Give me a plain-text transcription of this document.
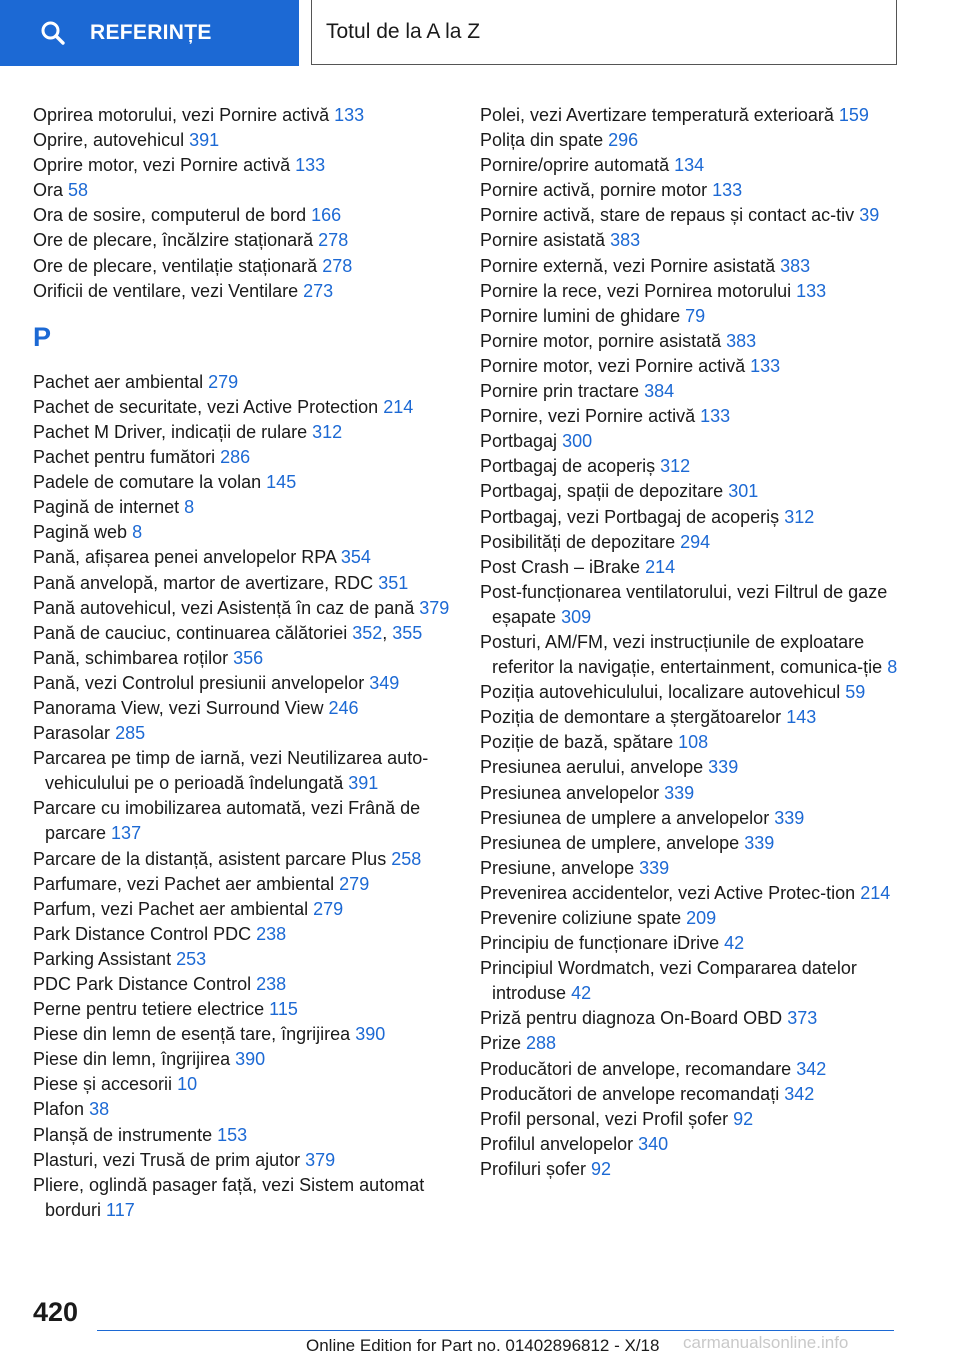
REFERINȚE	Totul de la A la Z
Oprirea motorului, vezi Pornire activă 133
Oprire, autovehicul 391
Oprire motor, vezi Pornire activă 133
Ora 58
Ora de sosire, computerul de bord 166
Ore de plecare, încălzire staționară 278
Ore de plecare, ventilație staționară 278
Orificii de ventilare, vezi Ventilare 273
P
Pachet aer ambiental 279
Pachet de securitate, vezi Active Protection 214
Pachet M Driver, indicații de rulare 312
Pachet pentru fumători 286
Padele de comutare la volan 145
Pagină de internet 8
Pagină web 8
Pană, afișarea penei anvelopelor RPA 354
Pană anvelopă, martor de avertizare, RDC 351
Pană autovehicul, vezi Asistență în caz de pană 379
Pană de cauciuc, continuarea călătoriei 352, 355
Pană, schimbarea roților 356
Pană, vezi Controlul presiunii anvelopelor 349
Panorama View, vezi Surround View 246
Parasolar 285
Parcarea pe timp de iarnă, vezi Neutilizarea auto-vehiculului pe o perioadă îndelungată 391
Parcare cu imobilizarea automată, vezi Frână de parcare 137
Parcare de la distanță, asistent parcare Plus 258
Parfumare, vezi Pachet aer ambiental 279
Parfum, vezi Pachet aer ambiental 279
Park Distance Control PDC 238
Parking Assistant 253
PDC Park Distance Control 238
Perne pentru tetiere electrice 115
Piese din lemn de esență tare, îngrijirea 390
Piese din lemn, îngrijirea 390
Piese și accesorii 10
Plafon 38
Planșă de instrumente 153
Plasturi, vezi Trusă de prim ajutor 379
Pliere, oglindă pasager față, vezi Sistem automat borduri 117
Polei, vezi Avertizare temperatură exterioară 159
Polița din spate 296
Pornire/oprire automată 134
Pornire activă, pornire motor 133
Pornire activă, stare de repaus și contact ac-tiv 39
Pornire asistată 383
Pornire externă, vezi Pornire asistată 383
Pornire la rece, vezi Pornirea motorului 133
Pornire lumini de ghidare 79
Pornire motor, pornire asistată 383
Pornire motor, vezi Pornire activă 133
Pornire prin tractare 384
Pornire, vezi Pornire activă 133
Portbagaj 300
Portbagaj de acoperiș 312
Portbagaj, spații de depozitare 301
Portbagaj, vezi Portbagaj de acoperiș 312
Posibilități de depozitare 294
Post Crash – iBrake 214
Post-funcționarea ventilatorului, vezi Filtrul de gaze eșapate 309
Posturi, AM/FM, vezi instrucțiunile de exploatare referitor la navigație, entertainment, comunica-ție 8
Poziția autovehiculului, localizare autovehicul 59
Poziția de demontare a ștergătoarelor 143
Poziție de bază, spătare 108
Presiunea aerului, anvelope 339
Presiunea anvelopelor 339
Presiunea de umplere a anvelopelor 339
Presiunea de umplere, anvelope 339
Presiune, anvelope 339
Prevenirea accidentelor, vezi Active Protec-tion 214
Prevenire coliziune spate 209
Principiu de funcționare iDrive 42
Principiul Wordmatch, vezi Compararea datelor introduse 42
Priză pentru diagnoza On-Board OBD 373
Prize 288
Producători de anvelope, recomandare 342
Producători de anvelope recomandați 342
Profil personal, vezi Profil șofer 92
Profilul anvelopelor 340
Profiluri șofer 92
420
Online Edition for Part no. 01402896812 - X/18 carmanualsonline.info
